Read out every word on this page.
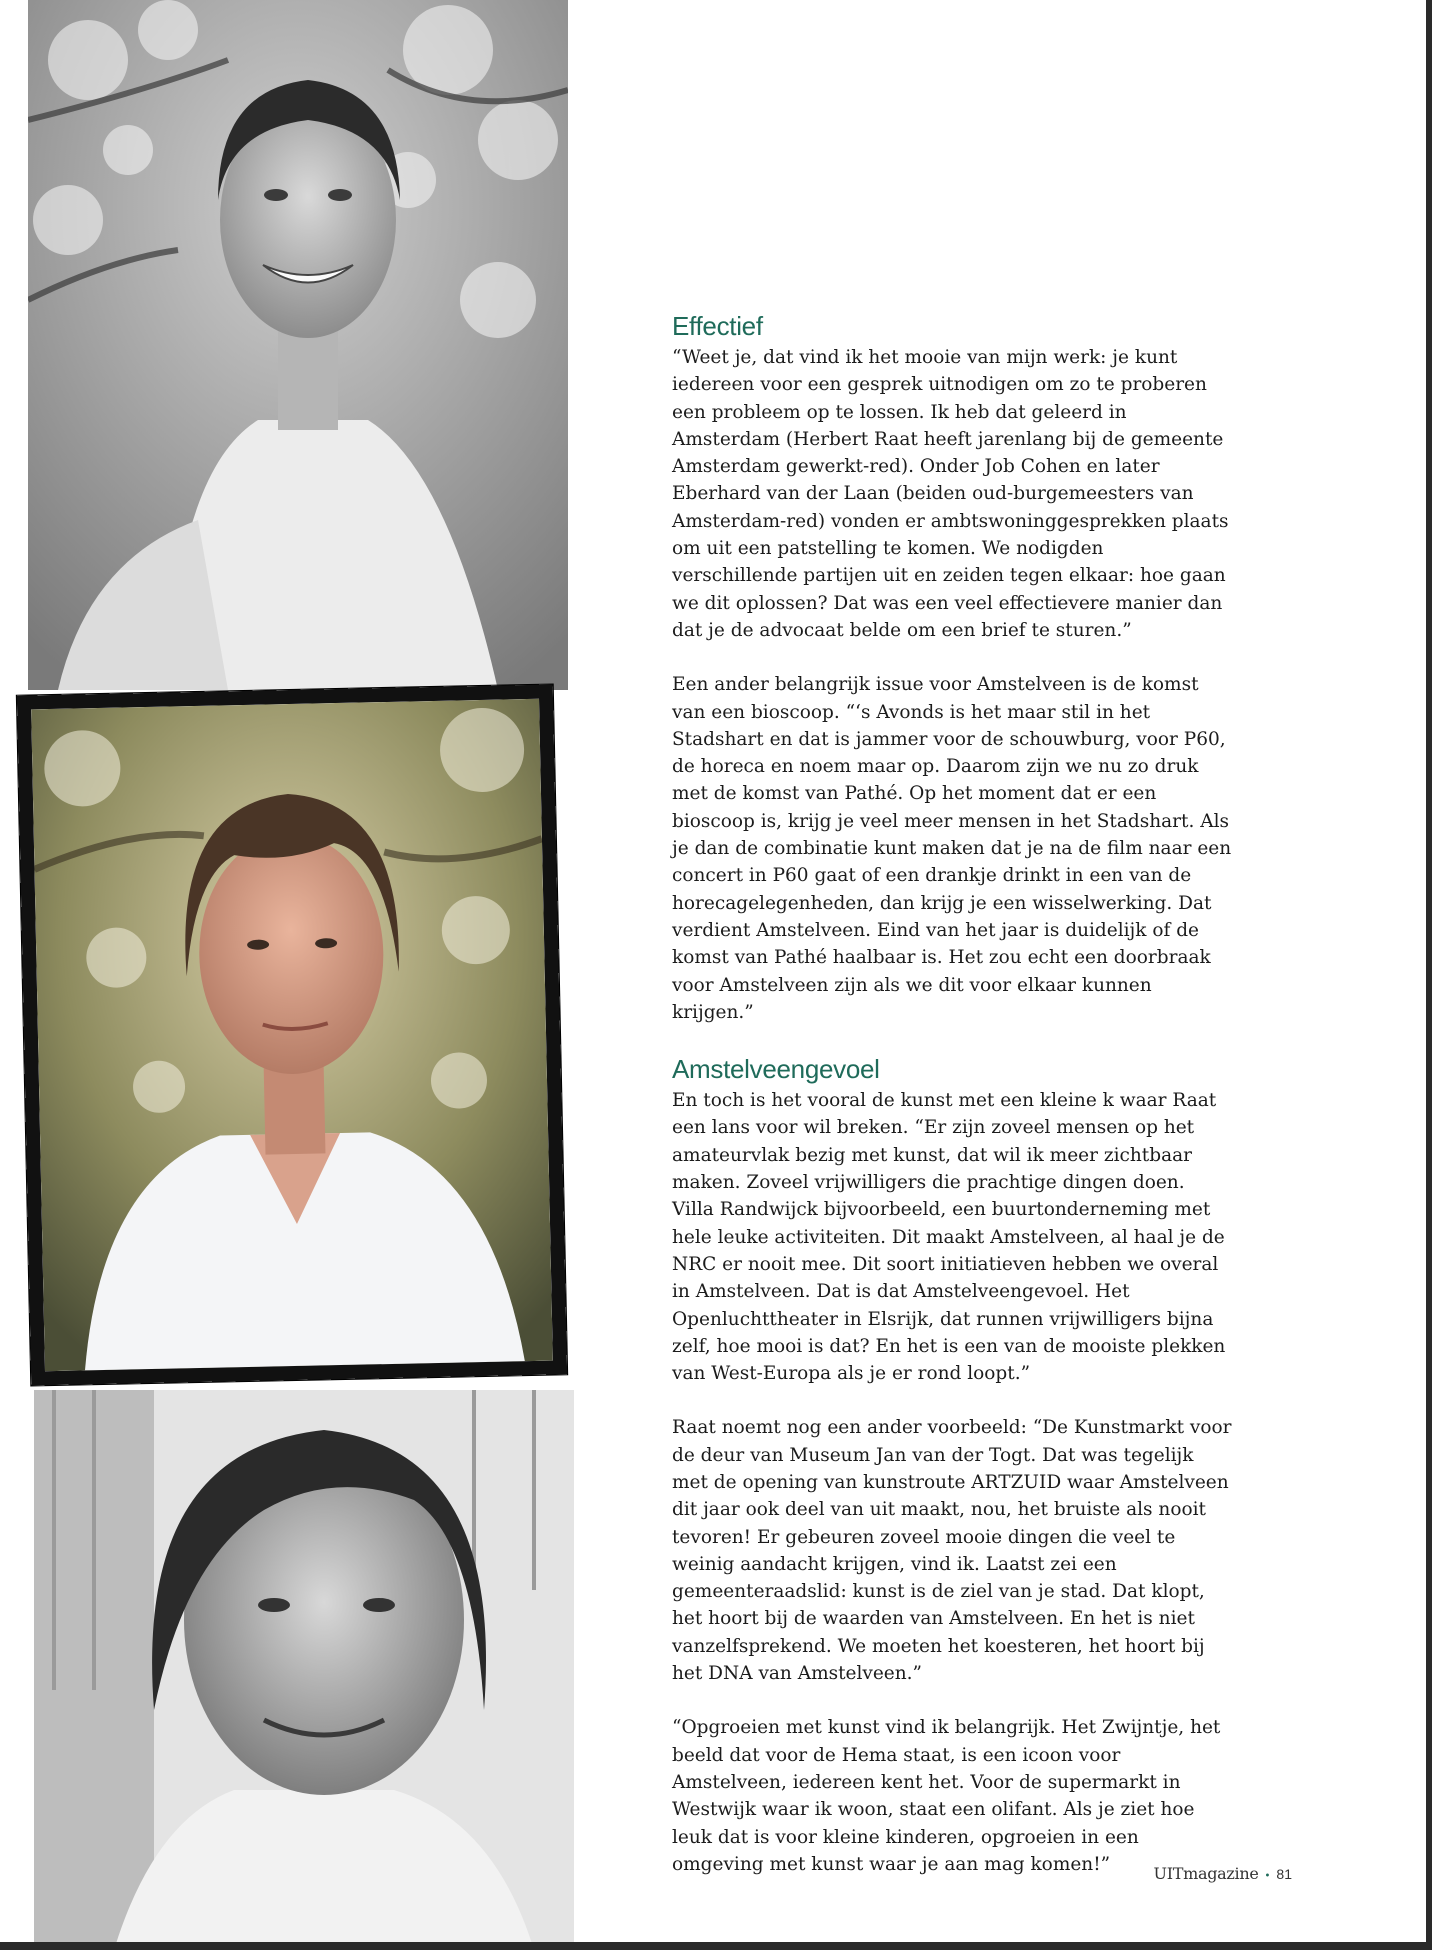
Effectief

“Weet je, dat vind ik het mooie van mijn werk: je kunt iedereen voor een gesprek uitnodigen om zo te proberen een probleem op te lossen. Ik heb dat geleerd in Amsterdam (Herbert Raat heeft jarenlang bij de gemeente Amsterdam gewerkt-red). Onder Job Cohen en later Eberhard van der Laan (beiden oud-burgemeesters van Amsterdam-red) vonden er ambtswoninggesprekken plaats om uit een patstelling te komen. We nodigden verschillende partijen uit en zeiden tegen elkaar: hoe gaan we dit oplossen? Dat was een veel effectievere manier dan dat je de advocaat belde om een brief te sturen.”

Een ander belangrijk issue voor Amstelveen is de komst van een bioscoop. “‘s Avonds is het maar stil in het Stadshart en dat is jammer voor de schouwburg, voor P60, de horeca en noem maar op. Daarom zijn we nu zo druk met de komst van Pathé. Op het moment dat er een bioscoop is, krijg je veel meer mensen in het Stadshart. Als je dan de combinatie kunt maken dat je na de film naar een concert in P60 gaat of een drankje drinkt in een van de horecagelegenheden, dan krijg je een wisselwerking. Dat verdient Amstelveen. Eind van het jaar is duidelijk of de komst van Pathé haalbaar is. Het zou echt een doorbraak voor Amstelveen zijn als we dit voor elkaar kunnen krijgen.”

Amstelveengevoel

En toch is het vooral de kunst met een kleine k waar Raat een lans voor wil breken. “Er zijn zoveel mensen op het amateurvlak bezig met kunst, dat wil ik meer zichtbaar maken. Zoveel vrijwilligers die prachtige dingen doen. Villa Randwijck bijvoorbeeld, een buurtonderneming met hele leuke activiteiten. Dit maakt Amstelveen, al haal je de NRC er nooit mee. Dit soort initiatieven hebben we overal in Amstelveen. Dat is dat Amstelveengevoel. Het Openluchttheater in Elsrijk, dat runnen vrijwilligers bijna zelf, hoe mooi is dat? En het is een van de mooiste plekken van West-Europa als je er rond loopt.”

Raat noemt nog een ander voorbeeld: “De Kunstmarkt voor de deur van Museum Jan van der Togt. Dat was tegelijk met de opening van kunstroute ARTZUID waar Amstelveen dit jaar ook deel van uit maakt, nou, het bruiste als nooit tevoren! Er gebeuren zoveel mooie dingen die veel te weinig aandacht krijgen, vind ik. Laatst zei een gemeenteraadslid: kunst is de ziel van je stad. Dat klopt, het hoort bij de waarden van Amstelveen. En het is niet vanzelfsprekend. We moeten het koesteren, het hoort bij het DNA van Amstelveen.”

“Opgroeien met kunst vind ik belangrijk. Het Zwijntje, het beeld dat voor de Hema staat, is een icoon voor Amstelveen, iedereen kent het. Voor de supermarkt in Westwijk waar ik woon, staat een olifant. Als je ziet hoe leuk dat is voor kleine kinderen, opgroeien in een omgeving met kunst waar je aan mag komen!”	UITmagazine • 81
